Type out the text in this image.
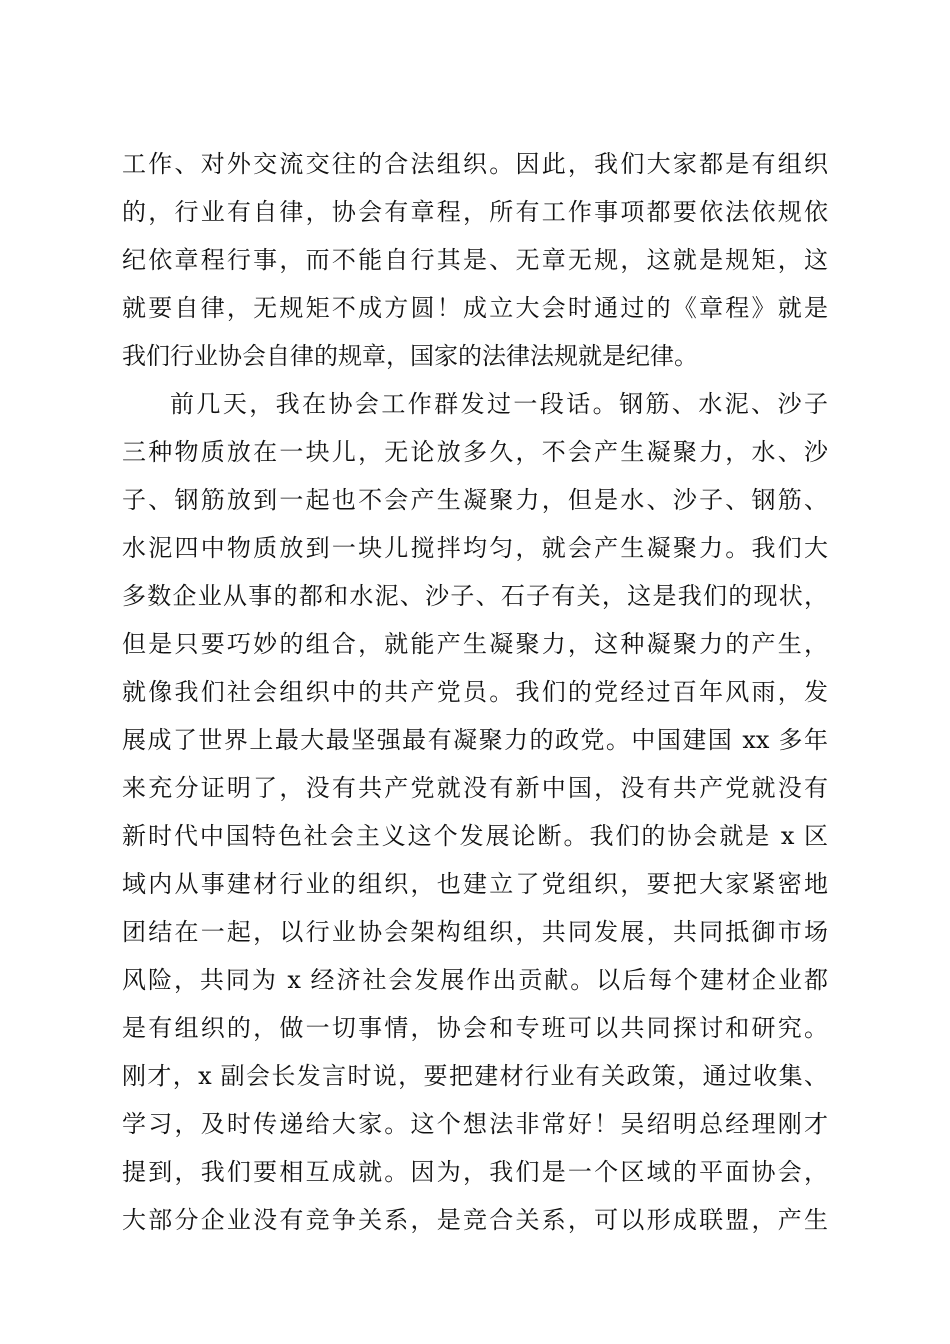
工作、对外交流交往的合法组织。因此，我们大家都是有组织
的，行业有自律，协会有章程，所有工作事项都要依法依规依
纪依章程行事，而不能自行其是、无章无规，这就是规矩，这
就要自律，无规矩不成方圆！成立大会时通过的《章程》就是
我们行业协会自律的规章，国家的法律法规就是纪律。
前几天，我在协会工作群发过一段话。钢筋、水泥、沙子
三种物质放在一块儿，无论放多久，不会产生凝聚力，水、沙
子、钢筋放到一起也不会产生凝聚力，但是水、沙子、钢筋、
水泥四中物质放到一块儿搅拌均匀，就会产生凝聚力。我们大
多数企业从事的都和水泥、沙子、石子有关，这是我们的现状，
但是只要巧妙的组合，就能产生凝聚力，这种凝聚力的产生，
就像我们社会组织中的共产党员。我们的党经过百年风雨，发
展成了世界上最大最坚强最有凝聚力的政党。中国建国 xx 多年
来充分证明了，没有共产党就没有新中国，没有共产党就没有
新时代中国特色社会主义这个发展论断。我们的协会就是 x 区
域内从事建材行业的组织，也建立了党组织，要把大家紧密地
团结在一起，以行业协会架构组织，共同发展，共同抵御市场
风险，共同为 x 经济社会发展作出贡献。以后每个建材企业都
是有组织的，做一切事情，协会和专班可以共同探讨和研究。
刚才，x 副会长发言时说，要把建材行业有关政策，通过收集、
学习，及时传递给大家。这个想法非常好！吴绍明总经理刚才
提到，我们要相互成就。因为，我们是一个区域的平面协会，
大部分企业没有竞争关系，是竞合关系，可以形成联盟，产生
